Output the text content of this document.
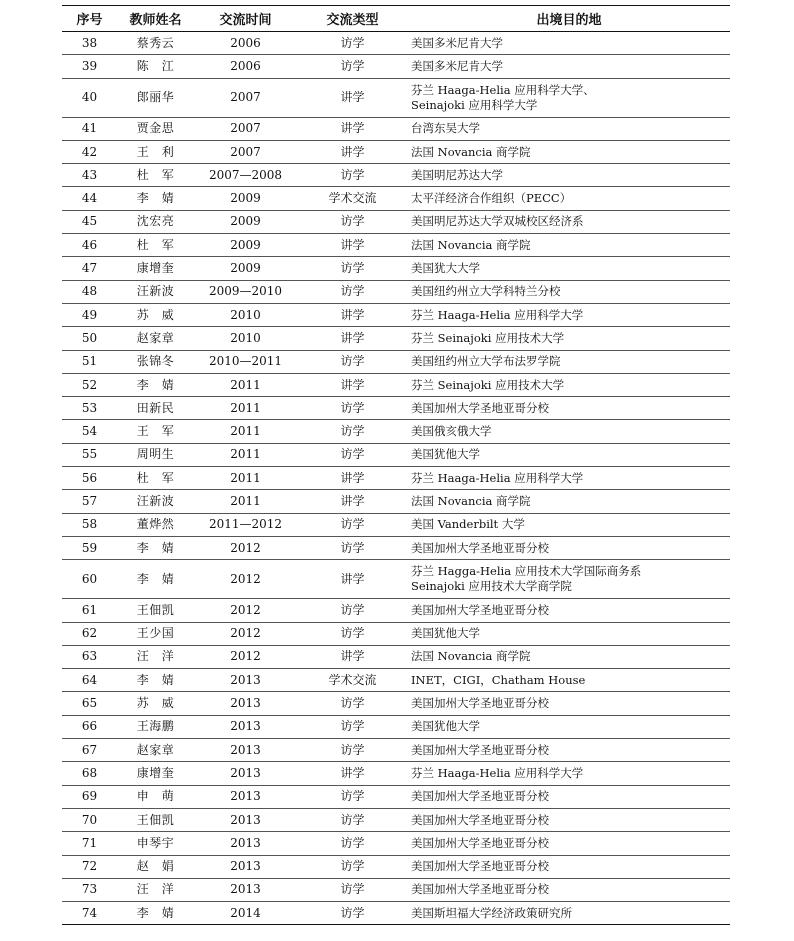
序号	教师姓名	交流时间	交流类型	出境目的地
38	蔡秀云	2006	访学	美国多米尼肯大学

39	陈　江	2006	访学	美国多米尼肯大学

40	郎丽华	2007	讲学	芬兰 Haaga-Helia 应用科学大学、
Seinajoki 应用科学大学

41	贾金思	2007	讲学	台湾东吴大学

42	王　利	2007	讲学	法国 Novancia 商学院

43	杜　军	2007—2008	访学	美国明尼苏达大学

44	李　婧	2009	学术交流	太平洋经济合作组织（PECC）

45	沈宏亮	2009	访学	美国明尼苏达大学双城校区经济系

46	杜　军	2009	讲学	法国 Novancia 商学院

47	康增奎	2009	访学	美国犹大大学

48	汪新波	2009—2010	访学	美国纽约州立大学科特兰分校

49	苏　威	2010	讲学	芬兰 Haaga-Helia 应用科学大学

50	赵家章	2010	讲学	芬兰 Seinajoki 应用技术大学

51	张锦冬	2010—2011	访学	美国纽约州立大学布法罗学院

52	李　婧	2011	讲学	芬兰 Seinajoki 应用技术大学

53	田新民	2011	访学	美国加州大学圣地亚哥分校

54	王　军	2011	访学	美国俄亥俄大学

55	周明生	2011	访学	美国犹他大学

56	杜　军	2011	讲学	芬兰 Haaga-Helia 应用科学大学

57	汪新波	2011	讲学	法国 Novancia 商学院

58	董烨然	2011—2012	访学	美国 Vanderbilt 大学

59	李　婧	2012	访学	美国加州大学圣地亚哥分校

60	李　婧	2012	讲学	芬兰 Hagga-Helia 应用技术大学国际商务系
Seinajoki 应用技术大学商学院

61	王佃凯	2012	访学	美国加州大学圣地亚哥分校

62	王少国	2012	访学	美国犹他大学

63	汪　洋	2012	讲学	法国 Novancia 商学院

64	李　婧	2013	学术交流	INET，CIGI，Chatham House

65	苏　威	2013	访学	美国加州大学圣地亚哥分校

66	王海鹏	2013	访学	美国犹他大学

67	赵家章	2013	访学	美国加州大学圣地亚哥分校

68	康增奎	2013	讲学	芬兰 Haaga-Helia 应用科学大学

69	申　萌	2013	访学	美国加州大学圣地亚哥分校

70	王佃凯	2013	访学	美国加州大学圣地亚哥分校

71	申琴宇	2013	访学	美国加州大学圣地亚哥分校

72	赵　娟	2013	访学	美国加州大学圣地亚哥分校

73	汪　洋	2013	访学	美国加州大学圣地亚哥分校

74	李　婧	2014	访学	美国斯坦福大学经济政策研究所
